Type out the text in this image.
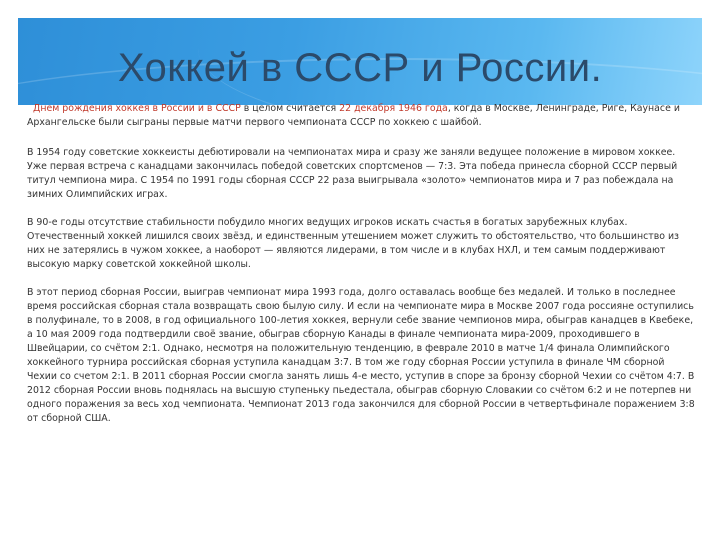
Хоккей в СССР и России.

Днем рождения хоккея в России и в СССР в целом считается 22 декабря 1946 года, когда в Москве, Ленинграде, Риге, Каунасе и Архангельске были сыграны первые матчи первого чемпионата СССР по хоккею с шайбой.

В 1954 году советские хоккеисты дебютировали на чемпионатах мира и сразу же заняли ведущее положение в мировом хоккее. Уже первая встреча с канадцами закончилась победой советских спортсменов — 7:3. Эта победа принесла сборной СССР первый титул чемпиона мира. С 1954 по 1991 годы сборная СССР 22 раза выигрывала «золото» чемпионатов мира и 7 раз побеждала на зимних Олимпийских играх.

В 90-е годы отсутствие стабильности побудило многих ведущих игроков искать счастья в богатых зарубежных клубах. Отечественный хоккей лишился своих звёзд, и единственным утешением может служить то обстоятельство, что большинство из них не затерялись в чужом хоккее, а наоборот — являются лидерами, в том числе и в клубах НХЛ, и тем самым поддерживают высокую марку советской хоккейной школы.

В этот период сборная России, выиграв чемпионат мира 1993 года, долго оставалась вообще без медалей. И только в последнее время российская сборная стала возвращать свою былую силу. И если на чемпионате мира в Москве 2007 года россияне оступились в полуфинале, то в 2008, в год официального 100-летия хоккея, вернули себе звание чемпионов мира, обыграв канадцев в Квебеке, а 10 мая 2009 года подтвердили своё звание, обыграв сборную Канады в финале чемпионата мира-2009, проходившего в Швейцарии, со счётом 2:1. Однако, несмотря на положительную тенденцию, в феврале 2010 в матче 1/4 финала Олимпийского хоккейного турнира российская сборная уступила канадцам 3:7. В том же году сборная России уступила в финале ЧМ сборной Чехии со счетом 2:1. В 2011 сборная России смогла занять лишь 4-е место, уступив в споре за бронзу сборной Чехии со счётом 4:7. В 2012 сборная России вновь поднялась на высшую ступеньку пьедестала, обыграв сборную Словакии со счётом 6:2 и не потерпев ни одного поражения за весь ход чемпионата. Чемпионат 2013 года закончился для сборной России в четвертьфинале поражением 3:8 от сборной США.
